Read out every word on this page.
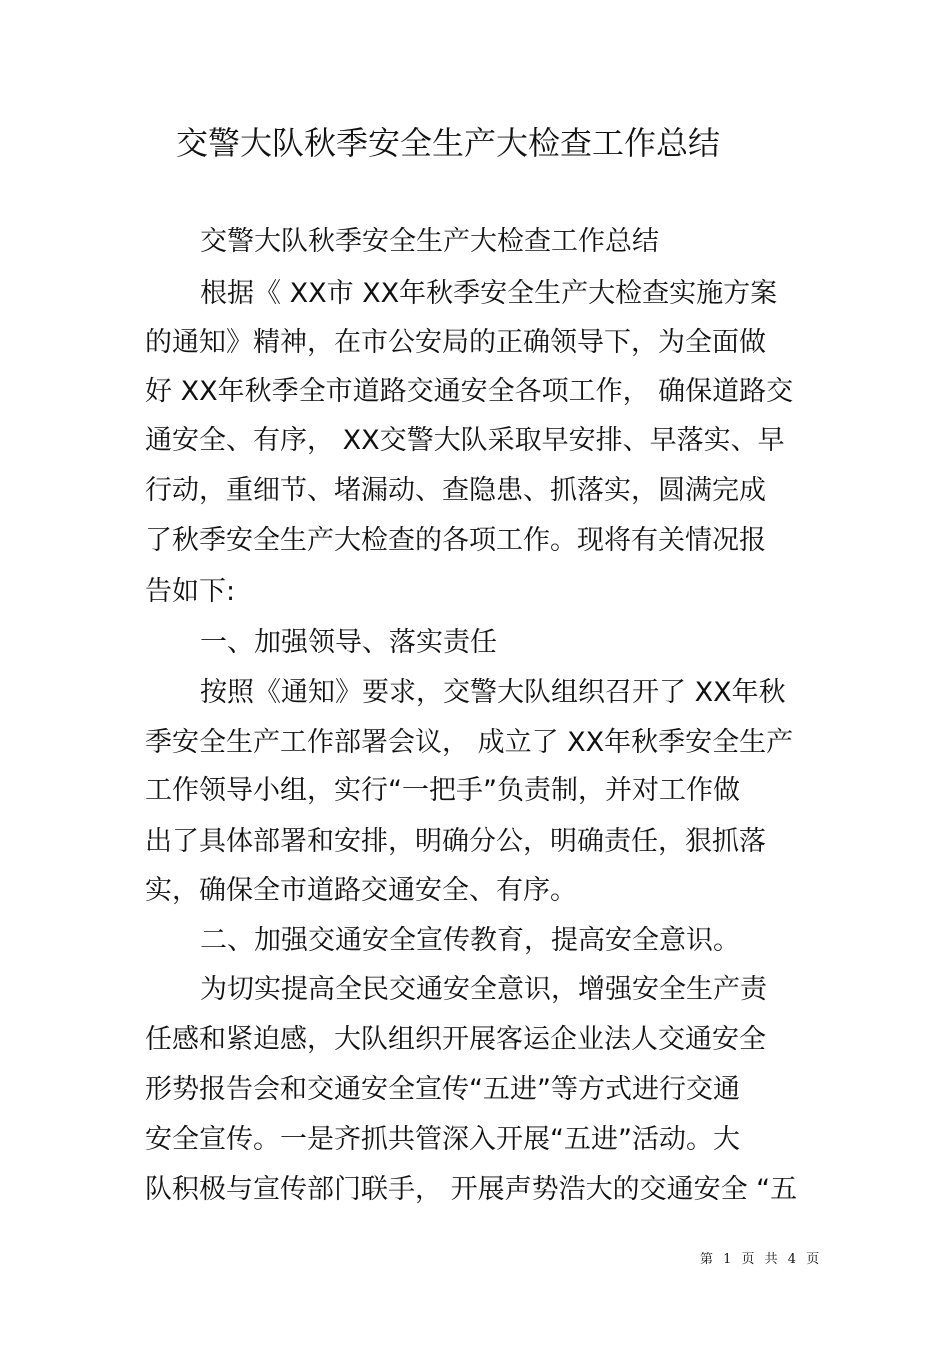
交警大队秋季安全生产大检查工作总结
交警大队秋季安全生产大检查工作总结
根据《 XX市 XX年秋季安全生产大检查实施方案
的通知》精神，在市公安局的正确领导下，为全面做
好 XX年秋季全市道路交通安全各项工作， 确保道路交
通安全、有序， XX交警大队采取早安排、早落实、早
行动，重细节、堵漏动、查隐患、抓落实，圆满完成
了秋季安全生产大检查的各项工作。现将有关情况报
告如下:
一、加强领导、落实责任
按照《通知》要求，交警大队组织召开了 XX年秋
季安全生产工作部署会议， 成立了 XX年秋季安全生产
工作领导小组，实行“一把手”负责制，并对工作做
出了具体部署和安排，明确分公，明确责任，狠抓落
实，确保全市道路交通安全、有序。
二、加强交通安全宣传教育，提高安全意识。
为切实提高全民交通安全意识，增强安全生产责
任感和紧迫感，大队组织开展客运企业法人交通安全
形势报告会和交通安全宣传“五进”等方式进行交通
安全宣传。一是齐抓共管深入开展“五进”活动。大
队积极与宣传部门联手， 开展声势浩大的交通安全 “五
第 1 页 共 4 页
